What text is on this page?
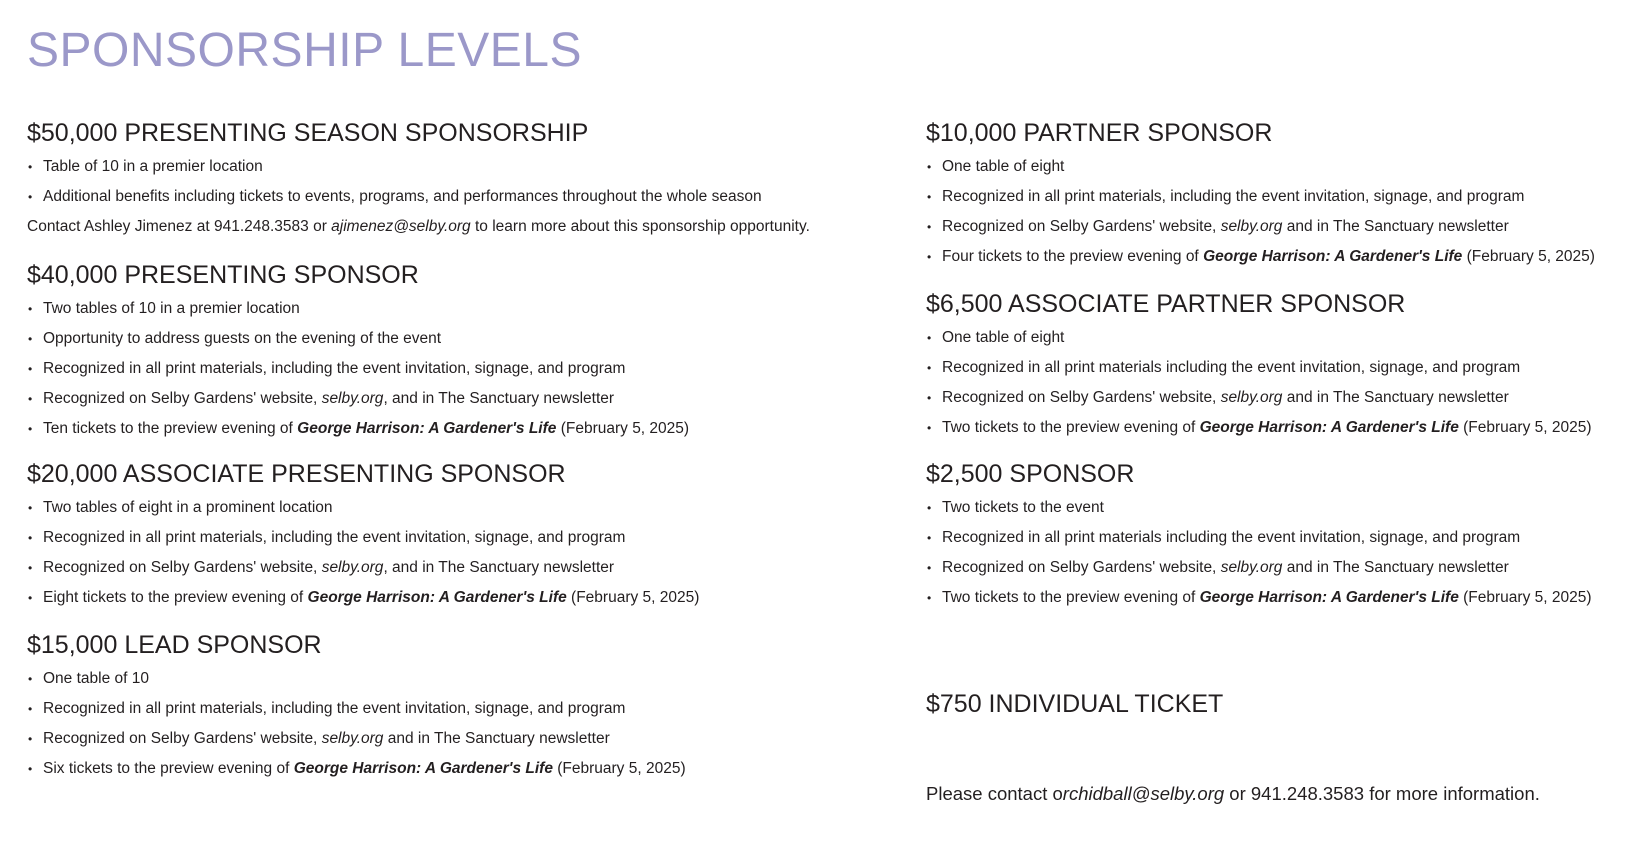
SPONSORSHIP LEVELS
$50,000 PRESENTING SEASON SPONSORSHIP
• Table of 10 in a premier location
• Additional benefits including tickets to events, programs, and performances throughout the whole season

Contact Ashley Jimenez at 941.248.3583 or ajimenez@selby.org to learn more about this sponsorship opportunity.

$40,000 PRESENTING SPONSOR
• Two tables of 10 in a premier location
• Opportunity to address guests on the evening of the event
• Recognized in all print materials, including the event invitation, signage, and program
• Recognized on Selby Gardens' website, selby.org, and in The Sanctuary newsletter
• Ten tickets to the preview evening of George Harrison: A Gardener's Life (February 5, 2025)
$20,000 ASSOCIATE PRESENTING SPONSOR
• Two tables of eight in a prominent location
• Recognized in all print materials, including the event invitation, signage, and program
• Recognized on Selby Gardens' website, selby.org, and in The Sanctuary newsletter
• Eight tickets to the preview evening of George Harrison: A Gardener's Life (February 5, 2025)
$15,000 LEAD SPONSOR
• One table of 10
• Recognized in all print materials, including the event invitation, signage, and program
• Recognized on Selby Gardens' website, selby.org and in The Sanctuary newsletter
• Six tickets to the preview evening of George Harrison: A Gardener's Life (February 5, 2025)
$10,000 PARTNER SPONSOR
• One table of eight
• Recognized in all print materials, including the event invitation, signage, and program
• Recognized on Selby Gardens' website, selby.org and in The Sanctuary newsletter
• Four tickets to the preview evening of George Harrison: A Gardener's Life (February 5, 2025)
$6,500 ASSOCIATE PARTNER SPONSOR
• One table of eight
• Recognized in all print materials including the event invitation, signage, and program
• Recognized on Selby Gardens' website, selby.org and in The Sanctuary newsletter
• Two tickets to the preview evening of George Harrison: A Gardener's Life (February 5, 2025)
$2,500 SPONSOR
• Two tickets to the event
• Recognized in all print materials including the event invitation, signage, and program
• Recognized on Selby Gardens' website, selby.org and in The Sanctuary newsletter
• Two tickets to the preview evening of George Harrison: A Gardener's Life (February 5, 2025)
$750 INDIVIDUAL TICKET

Please contact orchidball@selby.org or 941.248.3583 for more information.
